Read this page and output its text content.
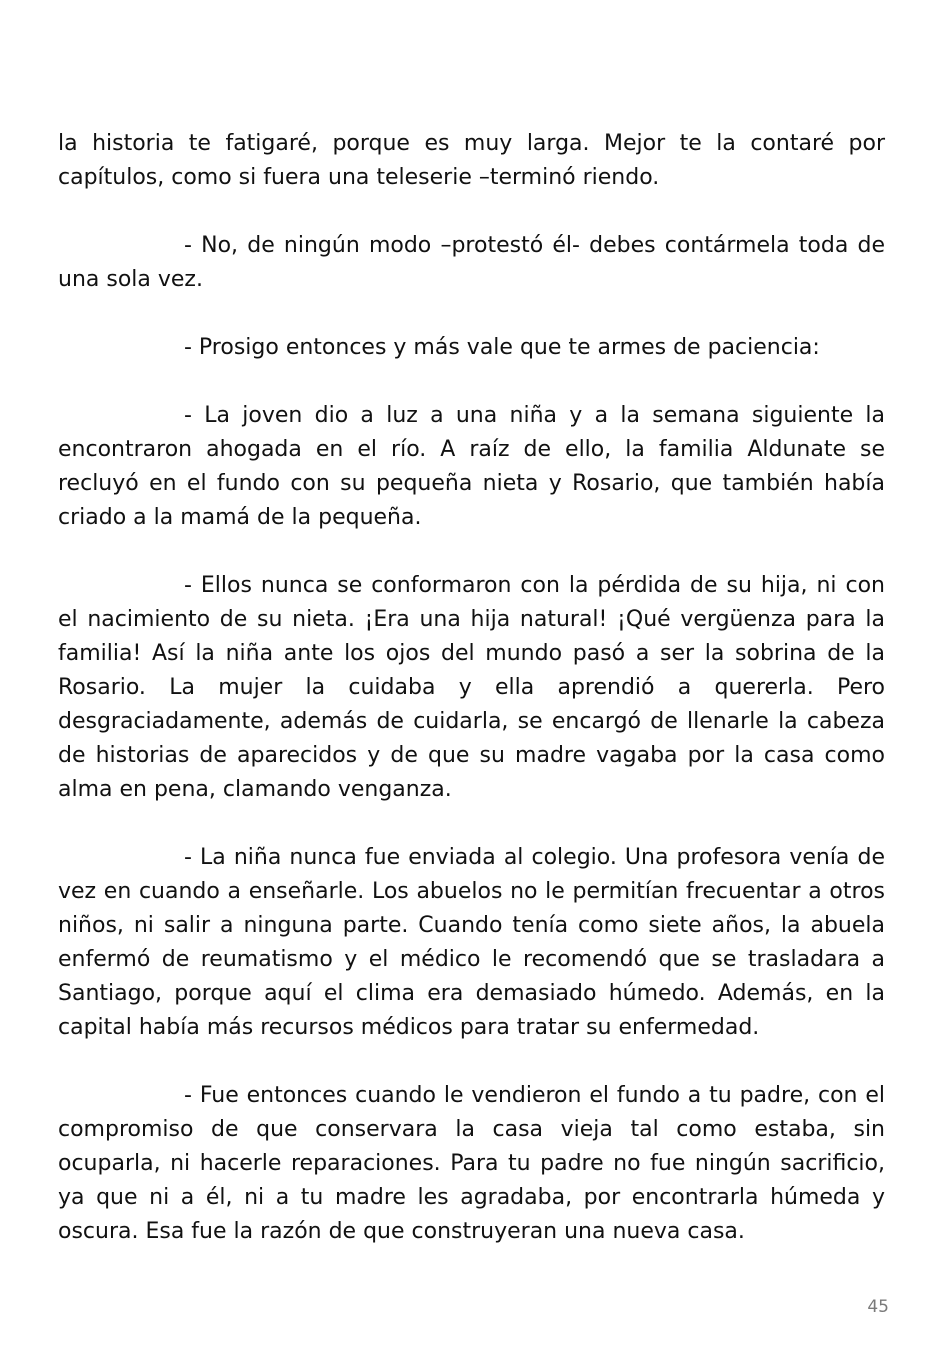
la historia te fatigaré, porque es muy larga. Mejor te la contaré por capítulos, como si fuera una teleserie –terminó riendo.

- No, de ningún modo –protestó él- debes contármela toda de una sola vez.

- Prosigo entonces y más vale que te armes de paciencia:

- La joven dio a luz a una niña y a la semana siguiente la encontraron ahogada en el río. A raíz de ello, la familia Aldunate se recluyó en el fundo con su pequeña nieta y Rosario, que también había criado a la mamá de la pequeña.

- Ellos nunca se conformaron con la pérdida de su hija, ni con el nacimiento de su nieta. ¡Era una hija natural! ¡Qué vergüenza para la familia! Así la niña ante los ojos del mundo pasó a ser la sobrina de la Rosario. La mujer la cuidaba y ella aprendió a quererla. Pero desgraciadamente, además de cuidarla, se encargó de llenarle la cabeza de historias de aparecidos y de que su madre vagaba por la casa como alma en pena, clamando venganza.

- La niña nunca fue enviada al colegio. Una profesora venía de vez en cuando a enseñarle. Los abuelos no le permitían frecuentar a otros niños, ni salir a ninguna parte. Cuando tenía como siete años, la abuela enfermó de reumatismo y el médico le recomendó que se trasladara a Santiago, porque aquí el clima era demasiado húmedo. Además, en la capital había más recursos médicos para tratar su enfermedad.

- Fue entonces cuando le vendieron el fundo a tu padre, con el compromiso de que conservara la casa vieja tal como estaba, sin ocuparla, ni hacerle reparaciones. Para tu padre no fue ningún sacrificio, ya que ni a él, ni a tu madre les agradaba, por encontrarla húmeda y oscura. Esa fue la razón de que construyeran una nueva casa.

45
